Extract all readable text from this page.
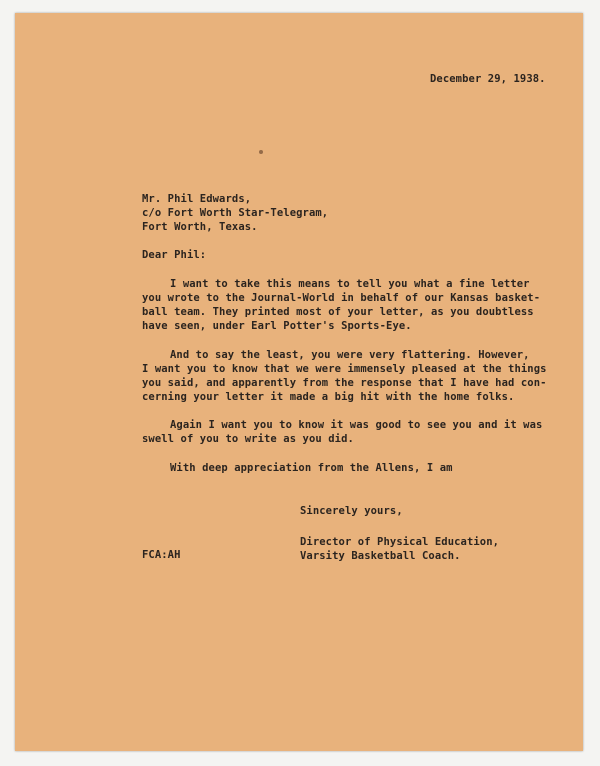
December 29, 1938.
Mr. Phil Edwards,
c/o Fort Worth Star-Telegram,
Fort Worth, Texas.
Dear Phil:
I want to take this means to tell you what a fine letter
you wrote to the Journal-World in behalf of our Kansas basket-
ball team. They printed most of your letter, as you doubtless
have seen, under Earl Potter's Sports-Eye.
And to say the least, you were very flattering. However,
I want you to know that we were immensely pleased at the things
you said, and apparently from the response that I have had con-
cerning your letter it made a big hit with the home folks.
Again I want you to know it was good to see you and it was
swell of you to write as you did.
With deep appreciation from the Allens, I am
Sincerely yours,
Director of Physical Education,
Varsity Basketball Coach.
FCA:AH
